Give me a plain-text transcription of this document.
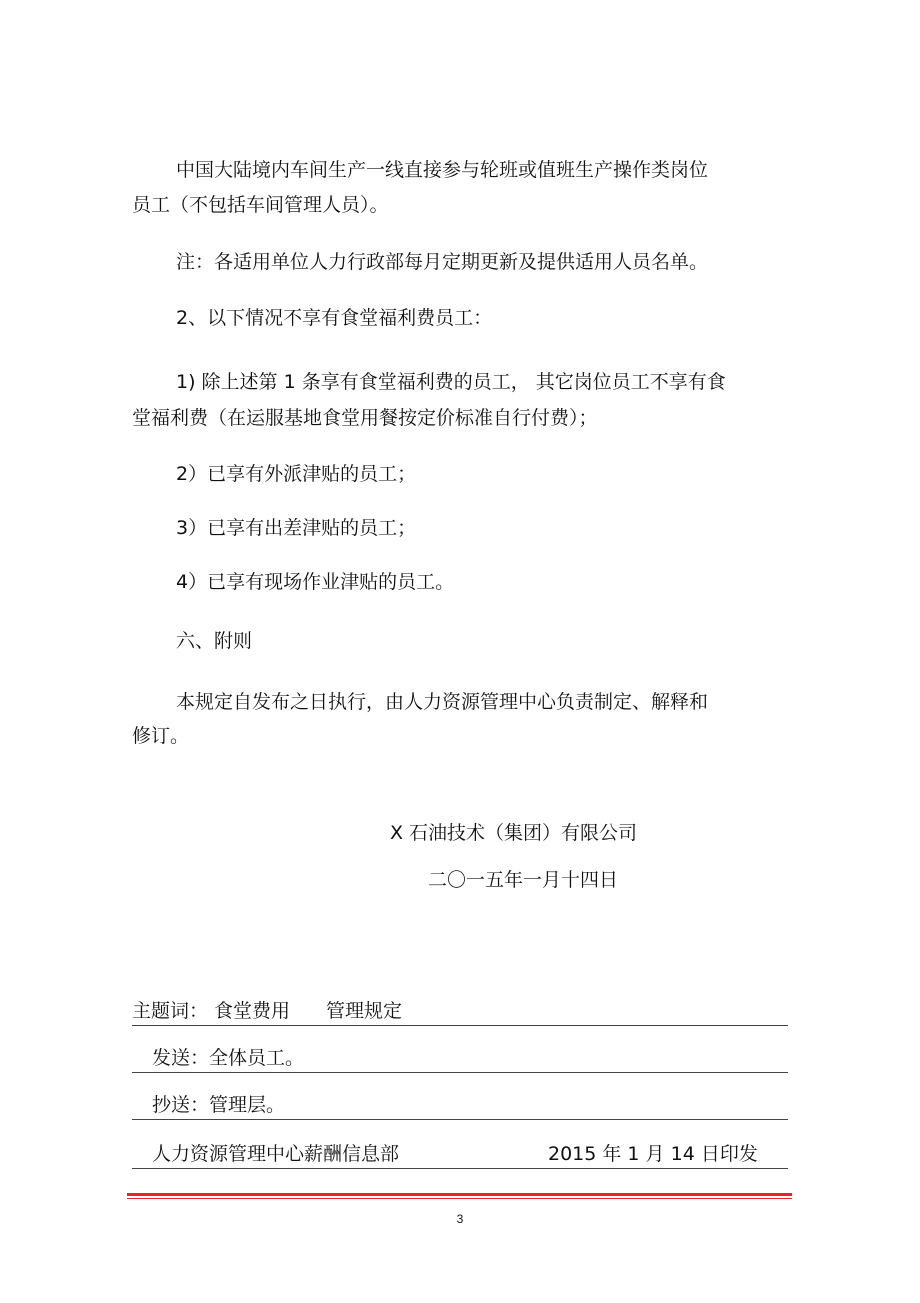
中国大陆境内车间生产一线直接参与轮班或值班生产操作类岗位

员工（不包括车间管理人员）。

注：各适用单位人力行政部每月定期更新及提供适用人员名单。

2、以下情况不享有食堂福利费员工：

1) 除上述第 1 条享有食堂福利费的员工， 其它岗位员工不享有食

堂福利费（在运服基地食堂用餐按定价标准自行付费）；

2）已享有外派津贴的员工；

3）已享有出差津贴的员工；

4）已享有现场作业津贴的员工。

六、附则

本规定自发布之日执行，由人力资源管理中心负责制定、解释和

修订。

X 石油技术（集团）有限公司

二〇一五年一月十四日

主题词： 食堂费用 管理规定
发送：全体员工。
抄送：管理层。
人力资源管理中心薪酬信息部	2015 年 1 月 14 日印发
3
